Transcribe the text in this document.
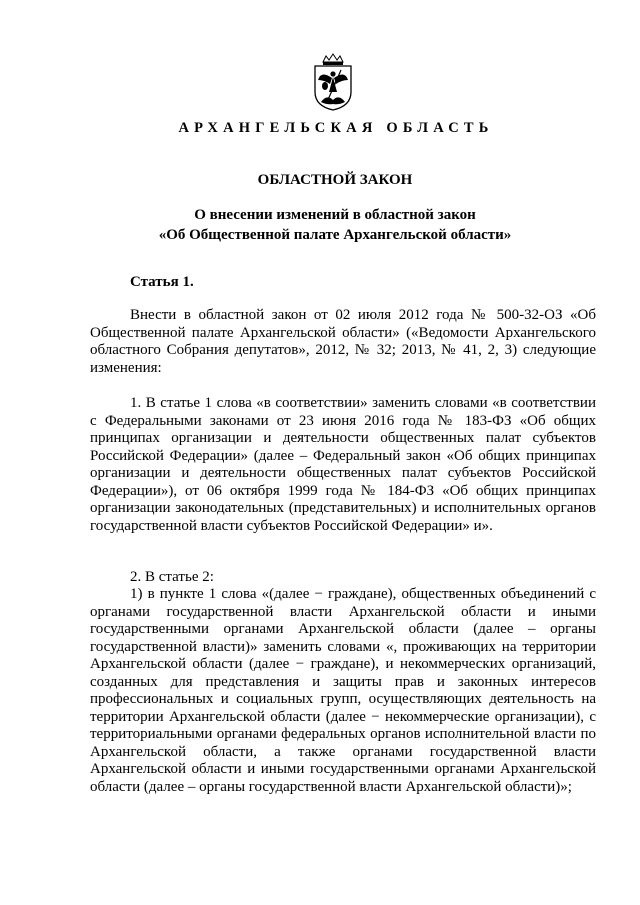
АРХАНГЕЛЬСКАЯ ОБЛАСТЬ
ОБЛАСТНОЙ ЗАКОН
О внесении изменений в областной закон
«Об Общественной палате Архангельской области»
Статья 1.

Внести в областной закон от 02 июля 2012 года № 500-32-ОЗ «Об Общественной палате Архангельской области» («Ведомости Архангельского областного Собрания депутатов», 2012, № 32; 2013, № 41, 2, 3) следующие изменения:

1. В статье 1 слова «в соответствии» заменить словами «в соответствии с Федеральными законами от 23 июня 2016 года № 183-ФЗ «Об общих принципах организации и деятельности общественных палат субъектов Российской Федерации» (далее – Федеральный закон «Об общих принципах организации и деятельности общественных палат субъектов Российской Федерации»), от 06 октября 1999 года № 184-ФЗ «Об общих принципах организации законодательных (представительных) и исполнительных органов государственной власти субъектов Российской Федерации» и».

2. В статье 2:

1) в пункте 1 слова «(далее − граждане), общественных объединений с органами государственной власти Архангельской области и иными государственными органами Архангельской области (далее – органы государственной власти)» заменить словами «, проживающих на территории Архангельской области (далее − граждане), и некоммерческих организаций, созданных для представления и защиты прав и законных интересов профессиональных и социальных групп, осуществляющих деятельность на территории Архангельской области (далее − некоммерческие организации), с территориальными органами федеральных органов исполнительной власти по Архангельской области, а также органами государственной власти Архангельской области и иными государственными органами Архангельской области (далее – органы государственной власти Архангельской области)»;
